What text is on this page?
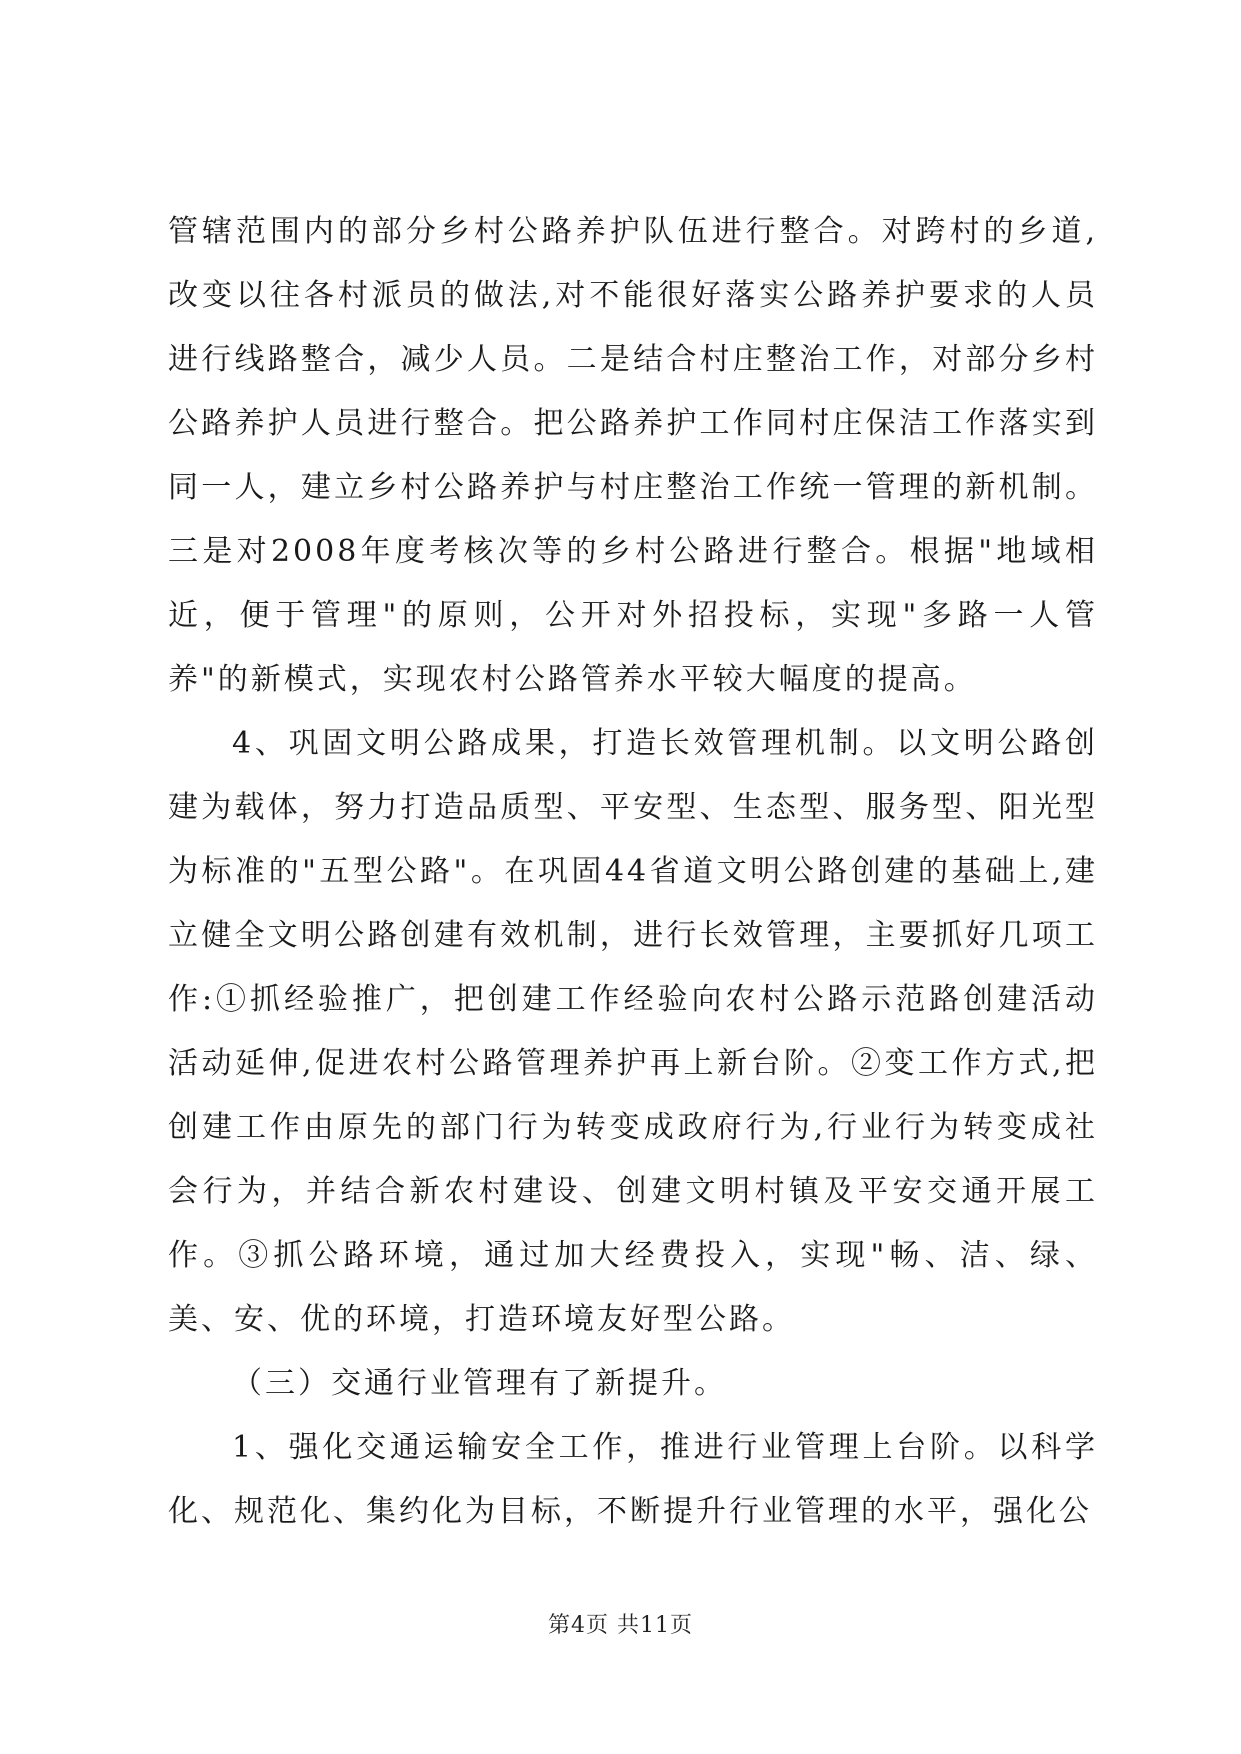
管辖范围内的部分乡村公路养护队伍进行整合。对跨村的乡道,改变以往各村派员的做法,对不能很好落实公路养护要求的人员进行线路整合，减少人员。二是结合村庄整治工作，对部分乡村公路养护人员进行整合。把公路养护工作同村庄保洁工作落实到同一人，建立乡村公路养护与村庄整治工作统一管理的新机制。三是对2008年度考核次等的乡村公路进行整合。根据"地域相近，便于管理"的原则，公开对外招投标，实现"多路一人管养"的新模式，实现农村公路管养水平较大幅度的提高。

4、巩固文明公路成果，打造长效管理机制。以文明公路创建为载体，努力打造品质型、平安型、生态型、服务型、阳光型为标准的"五型公路"。在巩固44省道文明公路创建的基础上,建立健全文明公路创建有效机制，进行长效管理，主要抓好几项工作:①抓经验推广，把创建工作经验向农村公路示范路创建活动活动延伸,促进农村公路管理养护再上新台阶。②变工作方式,把创建工作由原先的部门行为转变成政府行为,行业行为转变成社会行为，并结合新农村建设、创建文明村镇及平安交通开展工作。③抓公路环境，通过加大经费投入，实现"畅、洁、绿、美、安、优的环境，打造环境友好型公路。

（三）交通行业管理有了新提升。

1、强化交通运输安全工作，推进行业管理上台阶。以科学化、规范化、集约化为目标，不断提升行业管理的水平，强化公

第4页 共11页
